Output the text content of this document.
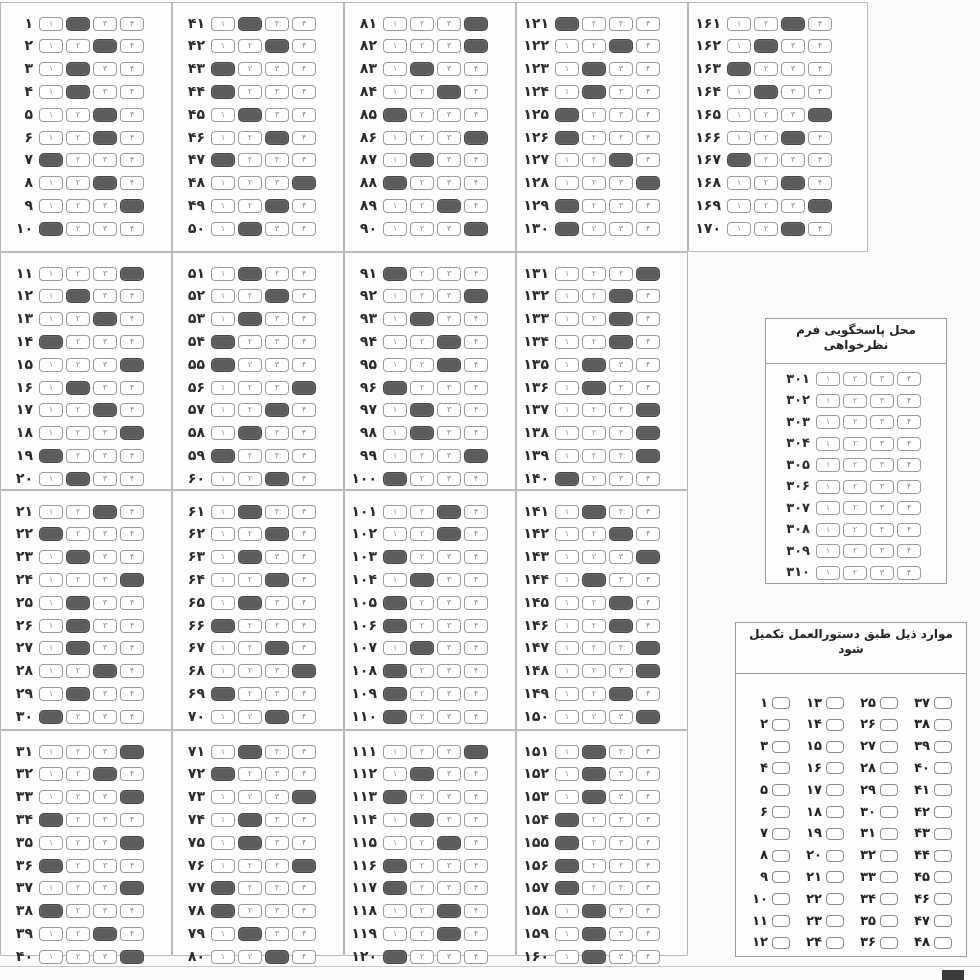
۱	۱	۲	۳	۴
۲	۱	۲	۳	۴
۳	۱	۲	۳	۴
۴	۱	۲	۳	۴
۵	۱	۲	۳	۴
۶	۱	۲	۳	۴
۷	۱	۲	۳	۴
۸	۱	۲	۳	۴
۹	۱	۲	۳	۴
۱۰	۱	۲	۳	۴
۱۱	۱	۲	۳	۴
۱۲	۱	۲	۳	۴
۱۳	۱	۲	۳	۴
۱۴	۱	۲	۳	۴
۱۵	۱	۲	۳	۴
۱۶	۱	۲	۳	۴
۱۷	۱	۲	۳	۴
۱۸	۱	۲	۳	۴
۱۹	۱	۲	۳	۴
۲۰	۱	۲	۳	۴
۲۱	۱	۲	۳	۴
۲۲	۱	۲	۳	۴
۲۳	۱	۲	۳	۴
۲۴	۱	۲	۳	۴
۲۵	۱	۲	۳	۴
۲۶	۱	۲	۳	۴
۲۷	۱	۲	۳	۴
۲۸	۱	۲	۳	۴
۲۹	۱	۲	۳	۴
۳۰	۱	۲	۳	۴
۳۱	۱	۲	۳	۴
۳۲	۱	۲	۳	۴
۳۳	۱	۲	۳	۴
۳۴	۱	۲	۳	۴
۳۵	۱	۲	۳	۴
۳۶	۱	۲	۳	۴
۳۷	۱	۲	۳	۴
۳۸	۱	۲	۳	۴
۳۹	۱	۲	۳	۴
۴۰	۱	۲	۳	۴
۴۱	۱	۲	۳	۴
۴۲	۱	۲	۳	۴
۴۳	۱	۲	۳	۴
۴۴	۱	۲	۳	۴
۴۵	۱	۲	۳	۴
۴۶	۱	۲	۳	۴
۴۷	۱	۲	۳	۴
۴۸	۱	۲	۳	۴
۴۹	۱	۲	۳	۴
۵۰	۱	۲	۳	۴
۵۱	۱	۲	۳	۴
۵۲	۱	۲	۳	۴
۵۳	۱	۲	۳	۴
۵۴	۱	۲	۳	۴
۵۵	۱	۲	۳	۴
۵۶	۱	۲	۳	۴
۵۷	۱	۲	۳	۴
۵۸	۱	۲	۳	۴
۵۹	۱	۲	۳	۴
۶۰	۱	۲	۳	۴
۶۱	۱	۲	۳	۴
۶۲	۱	۲	۳	۴
۶۳	۱	۲	۳	۴
۶۴	۱	۲	۳	۴
۶۵	۱	۲	۳	۴
۶۶	۱	۲	۳	۴
۶۷	۱	۲	۳	۴
۶۸	۱	۲	۳	۴
۶۹	۱	۲	۳	۴
۷۰	۱	۲	۳	۴
۷۱	۱	۲	۳	۴
۷۲	۱	۲	۳	۴
۷۳	۱	۲	۳	۴
۷۴	۱	۲	۳	۴
۷۵	۱	۲	۳	۴
۷۶	۱	۲	۳	۴
۷۷	۱	۲	۳	۴
۷۸	۱	۲	۳	۴
۷۹	۱	۲	۳	۴
۸۰	۱	۲	۳	۴
۸۱	۱	۲	۳	۴
۸۲	۱	۲	۳	۴
۸۳	۱	۲	۳	۴
۸۴	۱	۲	۳	۴
۸۵	۱	۲	۳	۴
۸۶	۱	۲	۳	۴
۸۷	۱	۲	۳	۴
۸۸	۱	۲	۳	۴
۸۹	۱	۲	۳	۴
۹۰	۱	۲	۳	۴
۹۱	۱	۲	۳	۴
۹۲	۱	۲	۳	۴
۹۳	۱	۲	۳	۴
۹۴	۱	۲	۳	۴
۹۵	۱	۲	۳	۴
۹۶	۱	۲	۳	۴
۹۷	۱	۲	۳	۴
۹۸	۱	۲	۳	۴
۹۹	۱	۲	۳	۴
۱۰۰	۱	۲	۳	۴
۱۰۱	۱	۲	۳	۴
۱۰۲	۱	۲	۳	۴
۱۰۳	۱	۲	۳	۴
۱۰۴	۱	۲	۳	۴
۱۰۵	۱	۲	۳	۴
۱۰۶	۱	۲	۳	۴
۱۰۷	۱	۲	۳	۴
۱۰۸	۱	۲	۳	۴
۱۰۹	۱	۲	۳	۴
۱۱۰	۱	۲	۳	۴
۱۱۱	۱	۲	۳	۴
۱۱۲	۱	۲	۳	۴
۱۱۳	۱	۲	۳	۴
۱۱۴	۱	۲	۳	۴
۱۱۵	۱	۲	۳	۴
۱۱۶	۱	۲	۳	۴
۱۱۷	۱	۲	۳	۴
۱۱۸	۱	۲	۳	۴
۱۱۹	۱	۲	۳	۴
۱۲۰	۱	۲	۳	۴
۱۲۱	۱	۲	۳	۴
۱۲۲	۱	۲	۳	۴
۱۲۳	۱	۲	۳	۴
۱۲۴	۱	۲	۳	۴
۱۲۵	۱	۲	۳	۴
۱۲۶	۱	۲	۳	۴
۱۲۷	۱	۲	۳	۴
۱۲۸	۱	۲	۳	۴
۱۲۹	۱	۲	۳	۴
۱۳۰	۱	۲	۳	۴
۱۳۱	۱	۲	۳	۴
۱۳۲	۱	۲	۳	۴
۱۳۳	۱	۲	۳	۴
۱۳۴	۱	۲	۳	۴
۱۳۵	۱	۲	۳	۴
۱۳۶	۱	۲	۳	۴
۱۳۷	۱	۲	۳	۴
۱۳۸	۱	۲	۳	۴
۱۳۹	۱	۲	۳	۴
۱۴۰	۱	۲	۳	۴
۱۴۱	۱	۲	۳	۴
۱۴۲	۱	۲	۳	۴
۱۴۳	۱	۲	۳	۴
۱۴۴	۱	۲	۳	۴
۱۴۵	۱	۲	۳	۴
۱۴۶	۱	۲	۳	۴
۱۴۷	۱	۲	۳	۴
۱۴۸	۱	۲	۳	۴
۱۴۹	۱	۲	۳	۴
۱۵۰	۱	۲	۳	۴
۱۵۱	۱	۲	۳	۴
۱۵۲	۱	۲	۳	۴
۱۵۳	۱	۲	۳	۴
۱۵۴	۱	۲	۳	۴
۱۵۵	۱	۲	۳	۴
۱۵۶	۱	۲	۳	۴
۱۵۷	۱	۲	۳	۴
۱۵۸	۱	۲	۳	۴
۱۵۹	۱	۲	۳	۴
۱۶۰	۱	۲	۳	۴
۱۶۱	۱	۲	۳	۴
۱۶۲	۱	۲	۳	۴
۱۶۳	۱	۲	۳	۴
۱۶۴	۱	۲	۳	۴
۱۶۵	۱	۲	۳	۴
۱۶۶	۱	۲	۳	۴
۱۶۷	۱	۲	۳	۴
۱۶۸	۱	۲	۳	۴
۱۶۹	۱	۲	۳	۴
۱۷۰	۱	۲	۳	۴
محل پاسخگویی فرم نظرخواهی
۳۰۱	۱	۲	۳	۴
۳۰۲	۱	۲	۳	۴
۳۰۳	۱	۲	۳	۴
۳۰۴	۱	۲	۳	۴
۳۰۵	۱	۲	۳	۴
۳۰۶	۱	۲	۳	۴
۳۰۷	۱	۲	۳	۴
۳۰۸	۱	۲	۳	۴
۳۰۹	۱	۲	۳	۴
۳۱۰	۱	۲	۳	۴
موارد ذیل طبق دستورالعمل تکمیل شود
۱
۲
۳
۴
۵
۶
۷
۸
۹
۱۰
۱۱
۱۲
۱۳
۱۴
۱۵
۱۶
۱۷
۱۸
۱۹
۲۰
۲۱
۲۲
۲۳
۲۴
۲۵
۲۶
۲۷
۲۸
۲۹
۳۰
۳۱
۳۲
۳۳
۳۴
۳۵
۳۶
۳۷
۳۸
۳۹
۴۰
۴۱
۴۲
۴۳
۴۴
۴۵
۴۶
۴۷
۴۸
